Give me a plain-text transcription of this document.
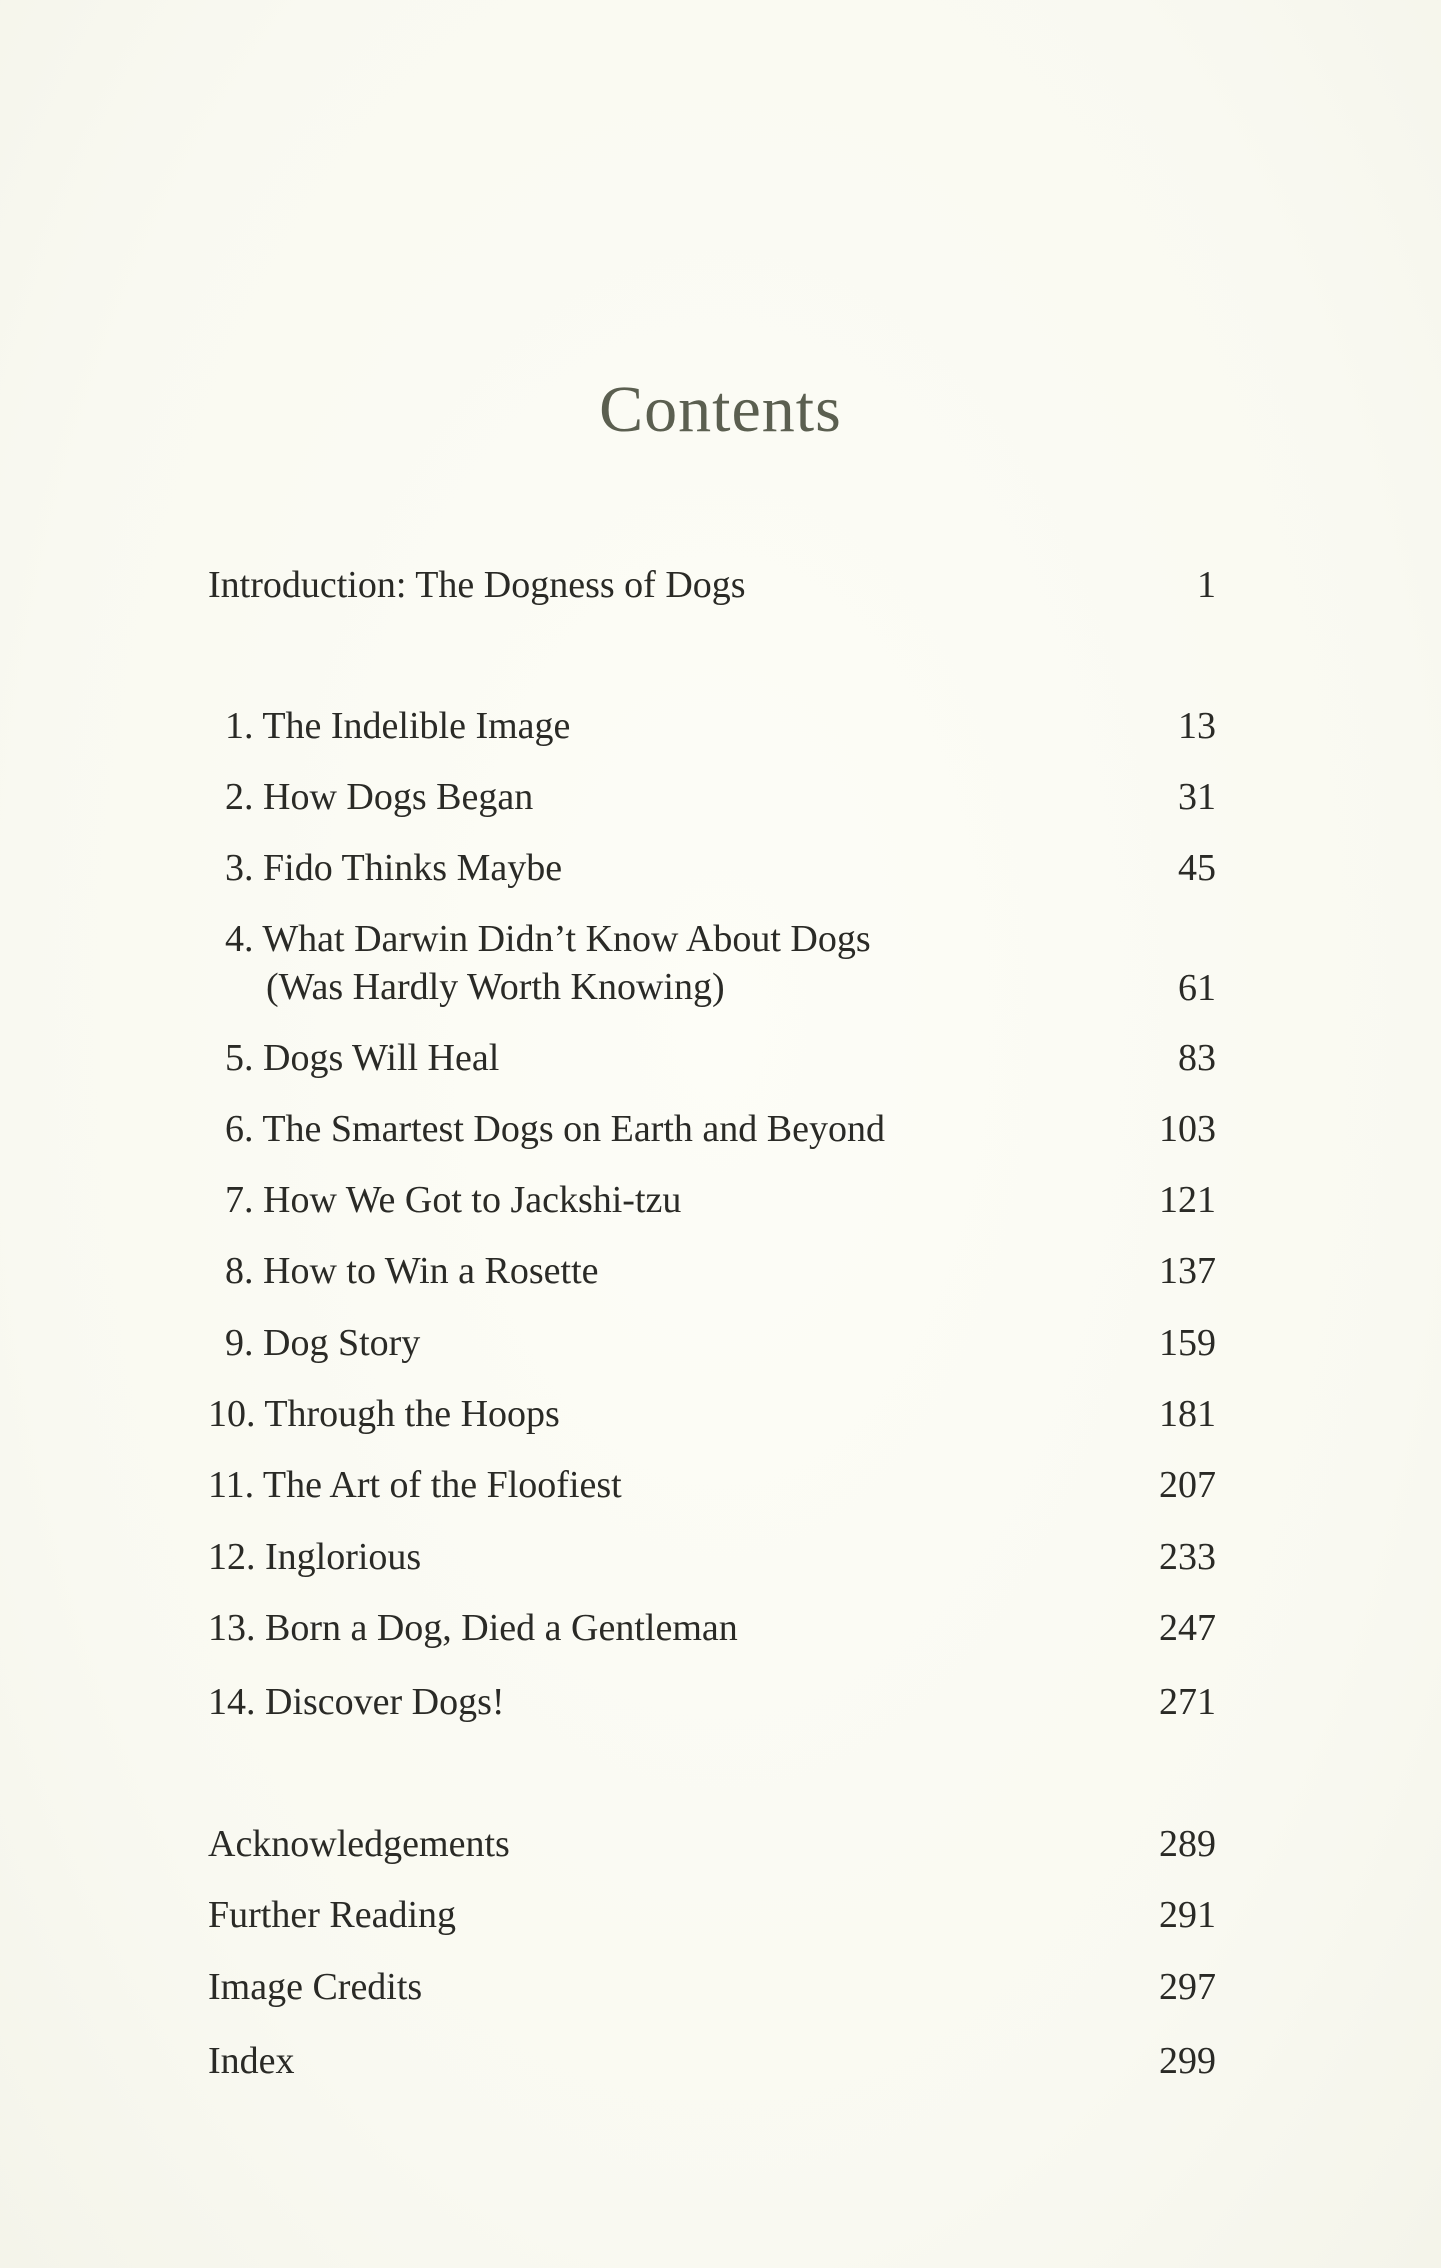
Contents
Introduction: The Dogness of Dogs	1
1. The Indelible Image	13
2. How Dogs Began	31
3. Fido Thinks Maybe	45
4. What Darwin Didn’t Know About Dogs
(Was Hardly Worth Knowing)	61
5. Dogs Will Heal	83
6. The Smartest Dogs on Earth and Beyond	103
7. How We Got to Jackshi-tzu	121
8. How to Win a Rosette	137
9. Dog Story	159
10. Through the Hoops	181
11. The Art of the Floofiest	207
12. Inglorious	233
13. Born a Dog, Died a Gentleman	247
14. Discover Dogs!	271
Acknowledgements	289
Further Reading	291
Image Credits	297
Index	299
